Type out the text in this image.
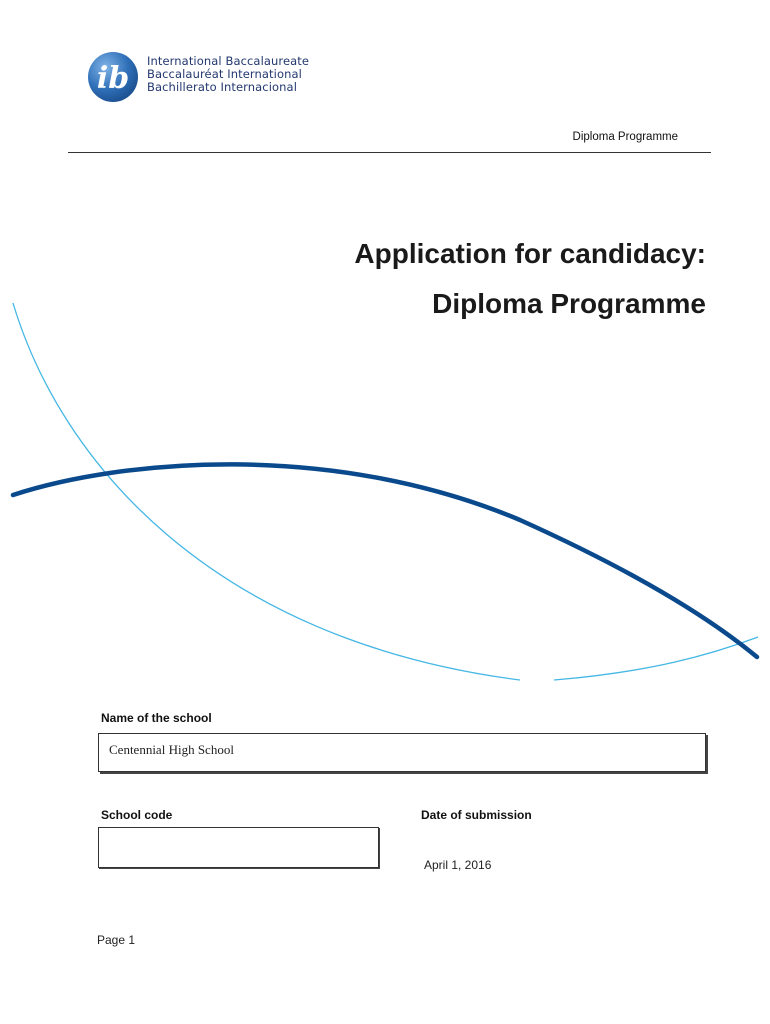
ib International Baccalaureate
Baccalauréat International
Bachillerato Internacional
Diploma Programme
Application for candidacy:
Diploma Programme
Name of the school
Centennial High School
School code	Date of submission
April 1, 2016
Page 1
